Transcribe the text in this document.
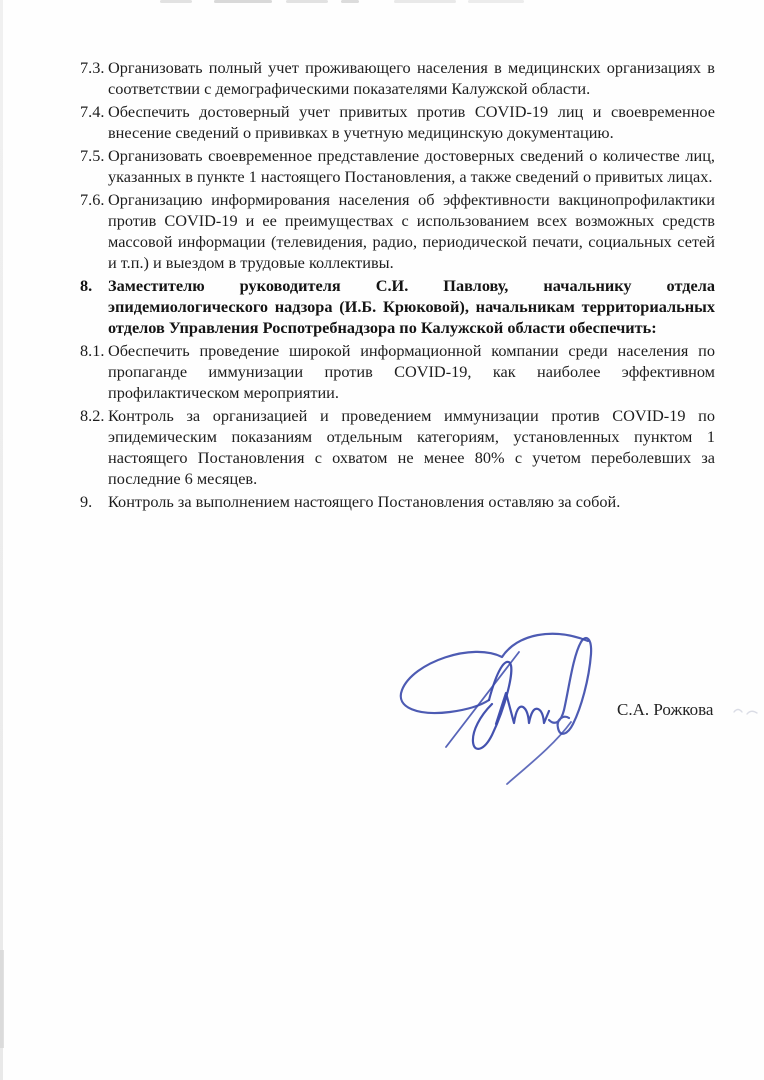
7.3. Организовать полный учет проживающего населения в медицинских организациях в соответствии с демографическими показателями Калужской области.
7.4. Обеспечить достоверный учет привитых против COVID-19 лиц и своевременное внесение сведений о прививках в учетную медицинскую документацию.
7.5. Организовать своевременное представление достоверных сведений о количестве лиц, указанных в пункте 1 настоящего Постановления, а также сведений о привитых лицах.
7.6. Организацию информирования населения об эффективности вакцинопрофилактики против COVID-19 и ее преимуществах с использованием всех возможных средств массовой информации (телевидения, радио, периодической печати, социальных сетей и т.п.) и выездом в трудовые коллективы.
8. Заместителю руководителя С.И. Павлову, начальнику отдела эпидемиологического надзора (И.Б. Крюковой), начальникам территориальных отделов Управления Роспотребнадзора по Калужской области обеспечить:
8.1. Обеспечить проведение широкой информационной компании среди населения по пропаганде иммунизации против COVID-19, как наиболее эффективном профилактическом мероприятии.
8.2. Контроль за организацией и проведением иммунизации против COVID-19 по эпидемическим показаниям отдельным категориям, установленных пунктом 1 настоящего Постановления с охватом не менее 80% с учетом переболевших за последние 6 месяцев.
9. Контроль за выполнением настоящего Постановления оставляю за собой.
С.А. Рожкова
